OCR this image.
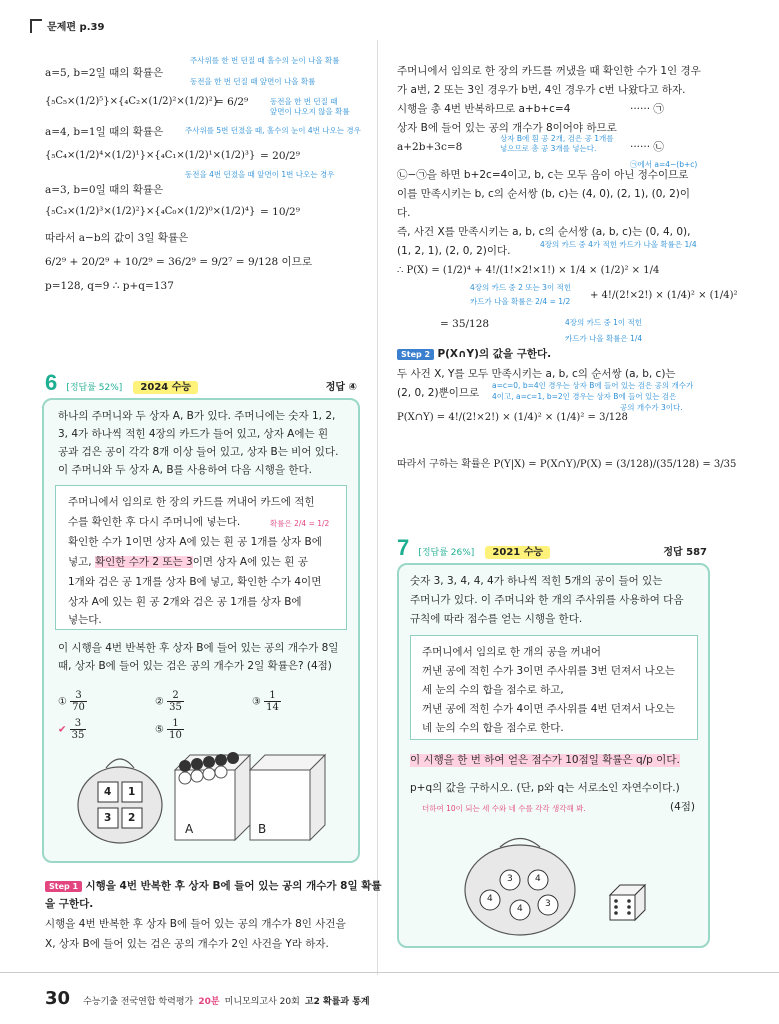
문제편 p.39
a=5, b=2일 때의 확률은
주사위를 한 번 던질 때 홀수의 눈이 나올 확률
동전을 한 번 던질 때 앞면이 나올 확률
{₅C₅×(1/2)⁵}×{₄C₂×(1/2)²×(1/2)²}
= 6/2⁹	동전을 한 번 던질 때
앞면이 나오지 않을 확률
a=4, b=1일 때의 확률은	주사위를 5번 던졌을 때, 홀수의 눈이 4번 나오는 경우
{₅C₄×(1/2)⁴×(1/2)¹}×{₄C₁×(1/2)¹×(1/2)³} = 20/2⁹
동전을 4번 던졌을 때 앞면이 1번 나오는 경우
a=3, b=0일 때의 확률은
{₅C₃×(1/2)³×(1/2)²}×{₄C₀×(1/2)⁰×(1/2)⁴} = 10/2⁹
따라서 a−b의 값이 3일 확률은
6/2⁹ + 20/2⁹ + 10/2⁹ = 36/2⁹ = 9/2⁷ = 9/128 이므로
p=128, q=9 ∴ p+q=137
6 [정답률 52%] 2024 수능	정답 ④
하나의 주머니와 두 상자 A, B가 있다. 주머니에는 숫자 1, 2,
3, 4가 하나씩 적힌 4장의 카드가 들어 있고, 상자 A에는 흰
공과 검은 공이 각각 8개 이상 들어 있고, 상자 B는 비어 있다.
이 주머니와 두 상자 A, B를 사용하여 다음 시행을 한다.
주머니에서 임의로 한 장의 카드를 꺼내어 카드에 적힌
수를 확인한 후 다시 주머니에 넣는다.	확률은 2/4 = 1/2
확인한 수가 1이면 상자 A에 있는 흰 공 1개를 상자 B에
넣고, 확인한 수가 2 또는 3이면 상자 A에 있는 흰 공
1개와 검은 공 1개를 상자 B에 넣고, 확인한 수가 4이면
상자 A에 있는 흰 공 2개와 검은 공 1개를 상자 B에
넣는다.
이 시행을 4번 반복한 후 상자 B에 들어 있는 공의 개수가 8일
때, 상자 B에 들어 있는 검은 공의 개수가 2일 확률은? (4점)
① $\frac{3}{70}$	② $\frac{2}{35}$	③ $\frac{1}{14}$
✔ $\frac{3}{35}$	⑤ $\frac{1}{10}$
4 1
3 2
A	B
Step 1 시행을 4번 반복한 후 상자 B에 들어 있는 공의 개수가 8일 확률
을 구한다.
시행을 4번 반복한 후 상자 B에 들어 있는 공의 개수가 8인 사건을
X, 상자 B에 들어 있는 검은 공의 개수가 2인 사건을 Y라 하자.
주머니에서 임의로 한 장의 카드를 꺼냈을 때 확인한 수가 1인 경우
가 a번, 2 또는 3인 경우가 b번, 4인 경우가 c번 나왔다고 하자.
시행을 총 4번 반복하므로 a+b+c=4	······ ㉠
상자 B에 들어 있는 공의 개수가 8이어야 하므로
상자 B에 흰 공 2개, 검은 공 1개를
넣으므로 총 공 3개를 넣는다.
a+2b+3c=8	······ ㉡
㉠에서 a=4−(b+c)
㉡−㉠을 하면 b+2c=4이고, b, c는 모두 음이 아닌 정수이므로
이를 만족시키는 b, c의 순서쌍 (b, c)는 (4, 0), (2, 1), (0, 2)이
다.
즉, 사건 X를 만족시키는 a, b, c의 순서쌍 (a, b, c)는 (0, 4, 0),
(1, 2, 1), (2, 0, 2)이다.
4장의 카드 중 4가 적힌 카드가 나올 확률은 1/4
∴ P(X) = (1/2)⁴ + 4!/(1!×2!×1!) × 1/4 × (1/2)² × 1/4
4장의 카드 중 2 또는 3이 적힌
카드가 나올 확률은 2/4 = 1/2
+ 4!/(2!×2!) × (1/4)² × (1/4)²
4장의 카드 중 1이 적힌
카드가 나올 확률은 1/4
= 35/128
Step 2 P(X∩Y)의 값을 구한다.
두 사건 X, Y를 모두 만족시키는 a, b, c의 순서쌍 (a, b, c)는
(2, 0, 2)뿐이므로
a=c=0, b=4인 경우는 상자 B에 들어 있는 검은 공의 개수가
4이고, a=c=1, b=2인 경우는 상자 B에 들어 있는 검은
공의 개수가 3이다.
P(X∩Y) = 4!/(2!×2!) × (1/4)² × (1/4)² = 3/128
따라서 구하는 확률은 P(Y|X) = P(X∩Y)/P(X) = (3/128)/(35/128) = 3/35
7 [정답률 26%] 2021 수능	정답 587
숫자 3, 3, 4, 4, 4가 하나씩 적힌 5개의 공이 들어 있는
주머니가 있다. 이 주머니와 한 개의 주사위를 사용하여 다음
규칙에 따라 점수를 얻는 시행을 한다.
주머니에서 임의로 한 개의 공을 꺼내어
꺼낸 공에 적힌 수가 3이면 주사위를 3번 던져서 나오는
세 눈의 수의 합을 점수로 하고,
꺼낸 공에 적힌 수가 4이면 주사위를 4번 던져서 나오는
네 눈의 수의 합을 점수로 한다.
이 시행을 한 번 하여 얻은 점수가 10점일 확률은 q/p 이다.
p+q의 값을 구하시오. (단, p와 q는 서로소인 자연수이다.)
더하여 10이 되는 세 수와 네 수를 각각 생각해 봐.	(4점)
3 4
4
4 3
30 수능기출 전국연합 학력평가 20분 미니모의고사 20회 고2 확률과 통계
